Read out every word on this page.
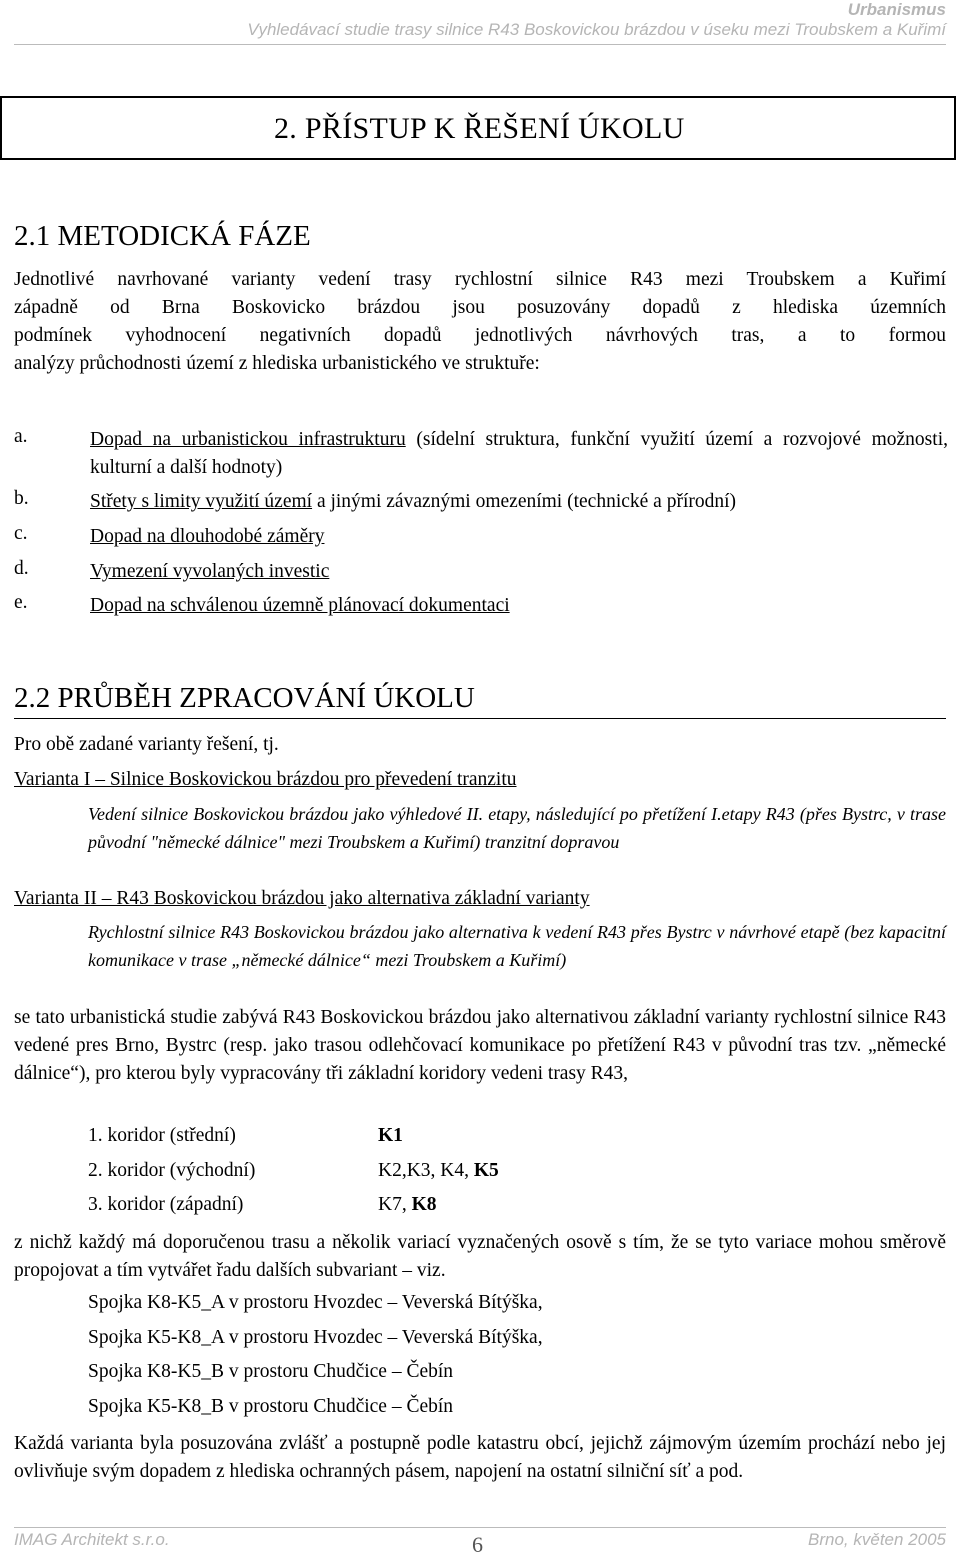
Urbanismus
Vyhledávací studie trasy silnice R43 Boskovickou brázdou v úseku mezi Troubskem a Kuřimí
2. PŘÍSTUP K ŘEŠENÍ ÚKOLU
2.1 METODICKÁ FÁZE
Jednotlivé navrhované varianty vedení trasy rychlostní silnice R43 mezi Troubskem a Kuřimí
západně od Brna Boskovicko brázdou jsou posuzovány dopadů z hlediska územních
podmínek vyhodnocení negativních dopadů jednotlivých návrhových tras, a to formou
analýzy průchodnosti území z hlediska urbanistického ve struktuře:
a.	Dopad na urbanistickou infrastrukturu (sídelní struktura, funkční využití území a rozvojové možnosti, kulturní a další hodnoty)
b.	Střety s limity využití území a jinými závaznými omezeními (technické a přírodní)
c.	Dopad na dlouhodobé záměry
d.	Vymezení vyvolaných investic
e.	Dopad na schválenou územně plánovací dokumentaci
2.2 PRŮBĚH ZPRACOVÁNÍ ÚKOLU
Pro obě zadané varianty řešení, tj.
Varianta I – Silnice Boskovickou brázdou pro převedení tranzitu
Vedení silnice Boskovickou brázdou jako výhledové II. etapy, následující po přetížení I.etapy R43 (přes Bystrc, v trase původní "německé dálnice" mezi Troubskem a Kuřimí) tranzitní dopravou
Varianta II – R43 Boskovickou brázdou jako alternativa základní varianty
Rychlostní silnice R43 Boskovickou brázdou jako alternativa k vedení R43 přes Bystrc v návrhové etapě (bez kapacitní komunikace v trase „německé dálnice“ mezi Troubskem a Kuřimí)
se tato urbanistická studie zabývá R43 Boskovickou brázdou jako alternativou základní varianty rychlostní silnice R43 vedené pres Brno, Bystrc (resp. jako trasou odlehčovací komunikace po přetížení R43 v původní tras tzv. „německé dálnice“), pro kterou byly vypracovány tři základní koridory vedeni trasy R43,
1. koridor (střední)	K1
2. koridor (východní)	K2,K3, K4, K5
3. koridor (západní)	K7, K8
z nichž každý má doporučenou trasu a několik variací vyznačených osově s tím, že se tyto variace mohou směrově propojovat a tím vytvářet řadu dalších subvariant – viz.
Spojka K8-K5_A v prostoru Hvozdec – Veverská Bítýška,
Spojka K5-K8_A v prostoru Hvozdec – Veverská Bítýška,
Spojka K8-K5_B v prostoru Chudčice – Čebín
Spojka K5-K8_B v prostoru Chudčice – Čebín
Každá varianta byla posuzována zvlášť a postupně podle katastru obcí, jejichž zájmovým územím prochází nebo jej ovlivňuje svým dopadem z hlediska ochranných pásem, napojení na ostatní silniční síť a pod.
IMAG Architekt s.r.o.	6	Brno, květen 2005
